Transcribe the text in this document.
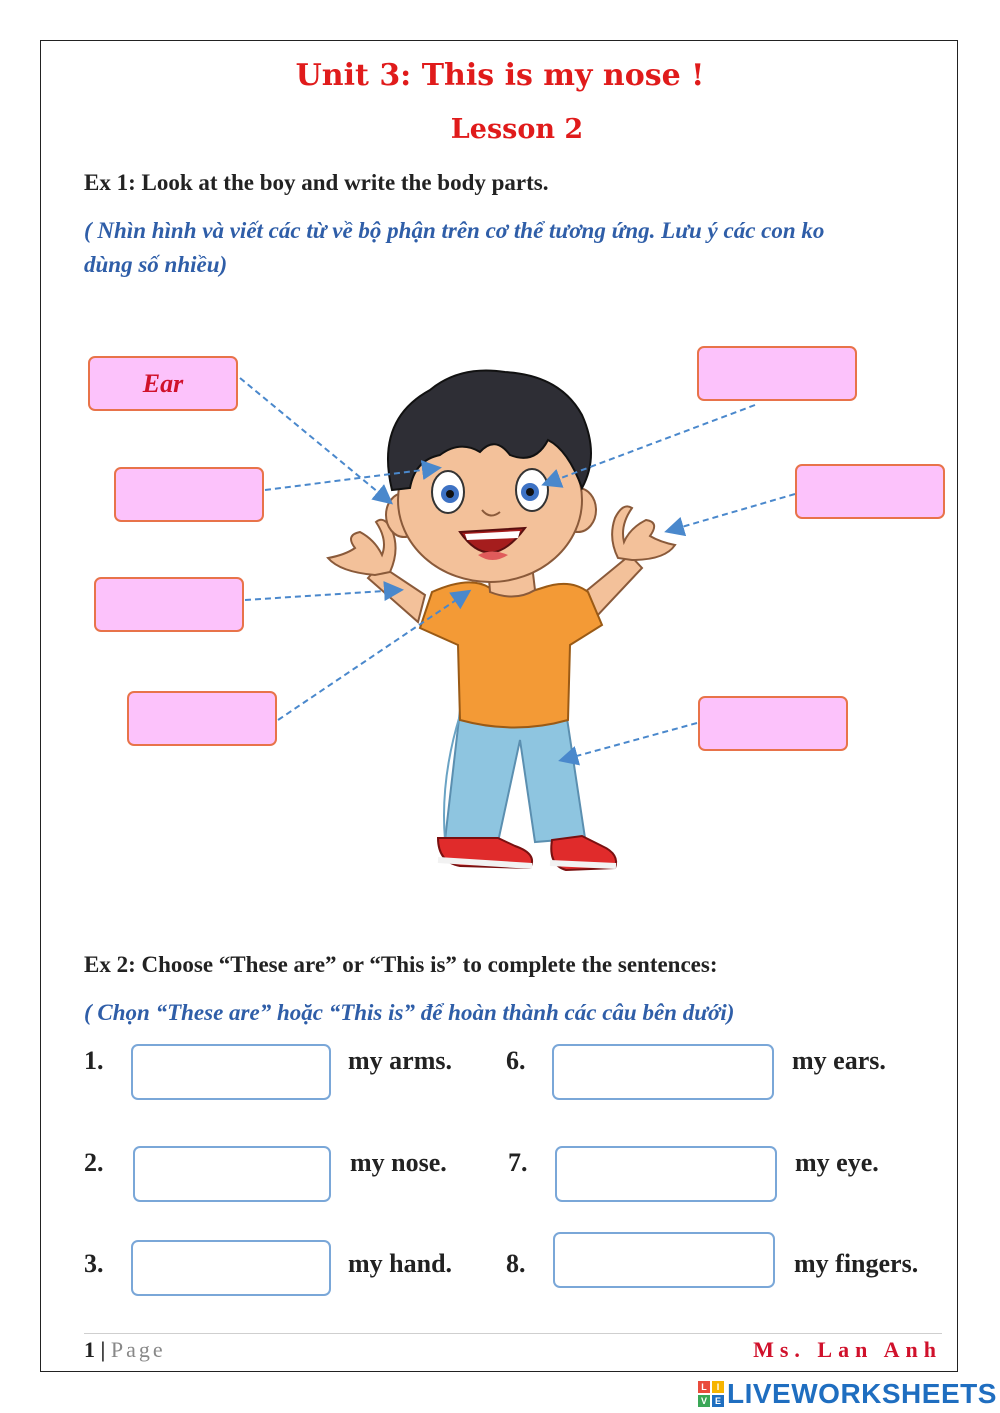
Unit 3: This is my nose !
Lesson 2
Ex 1: Look at the boy and write the body parts.
( Nhìn hình và viết các từ về bộ phận trên cơ thể tương ứng. Lưu ý các con ko
dùng số nhiều)
Ear
Ex 2: Choose “These are” or “This is” to complete the sentences:
( Chọn “These are” hoặc “This is” để hoàn thành các câu bên dưới)
1.	my arms.
2.	my nose.
3.	my hand.
6.	my ears.
7.	my eye.
8.	my fingers.
1 | Page	Ms. Lan Anh
L	I
V E LIVEWORKSHEETS
